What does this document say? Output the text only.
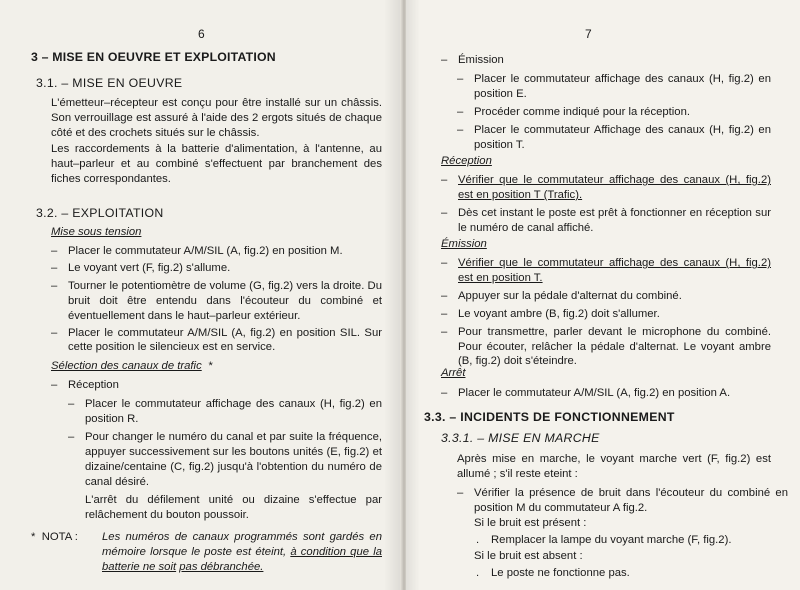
6
3 – MISE EN OEUVRE ET EXPLOITATION
3.1. – MISE EN OEUVRE
L'émetteur–récepteur est conçu pour être installé sur un châssis. Son verrouillage est assuré à l'aide des 2 ergots situés de chaque côté et des crochets situés sur le châssis.
Les raccordements à la batterie d'alimentation, à l'antenne, au haut–parleur et au combiné s'effectuent par branchement des fiches correspondantes.
3.2. – EXPLOITATION
Mise sous tension
– Placer le commutateur A/M/SIL (A, fig.2) en position M.
– Le voyant vert (F, fig.2) s'allume.
– Tourner le potentiomètre de volume (G, fig.2) vers la droite. Du bruit doit être entendu dans l'écouteur du combiné et éventuellement dans le haut–parleur extérieur.
– Placer le commutateur A/M/SIL (A, fig.2) en position SIL. Sur cette position le silencieux est en service.
Sélection des canaux de trafic *
– Réception
– Placer le commutateur affichage des canaux (H, fig.2) en position R.
– Pour changer le numéro du canal et par suite la fréquence, appuyer successivement sur les boutons unités (E, fig.2) et dizaine/centaine (C, fig.2) jusqu'à l'obtention du numéro de canal désiré.
L'arrêt du défilement unité ou dizaine s'effectue par relâchement du bouton poussoir.
* NOTA : Les numéros de canaux programmés sont gardés en mémoire lorsque le poste est éteint, à condition que la batterie ne soit pas débranchée.
7
– Émission
– Placer le commutateur affichage des canaux (H, fig.2) en position E.
– Procéder comme indiqué pour la réception.
– Placer le commutateur Affichage des canaux (H, fig.2) en position T.
Réception
– Vérifier que le commutateur affichage des canaux (H, fig.2) est en position T (Trafic).
– Dès cet instant le poste est prêt à fonctionner en réception sur le numéro de canal affiché.
Émission
– Vérifier que le commutateur affichage des canaux (H, fig.2) est en position T.
– Appuyer sur la pédale d'alternat du combiné.
– Le voyant ambre (B, fig.2) doit s'allumer.
– Pour transmettre, parler devant le microphone du combiné. Pour écouter, relâcher la pédale d'alternat. Le voyant ambre (B, fig.2) doit s'éteindre.
Arrêt
– Placer le commutateur A/M/SIL (A, fig.2) en position A.
3.3. – INCIDENTS DE FONCTIONNEMENT
3.3.1. – MISE EN MARCHE
Après mise en marche, le voyant marche vert (F, fig.2) est allumé ; s'il reste eteint :
– Vérifier la présence de bruit dans l'écouteur du combiné en position M du commutateur A fig.2.
Si le bruit est présent :
. Remplacer la lampe du voyant marche (F, fig.2).
Si le bruit est absent :
. Le poste ne fonctionne pas.
